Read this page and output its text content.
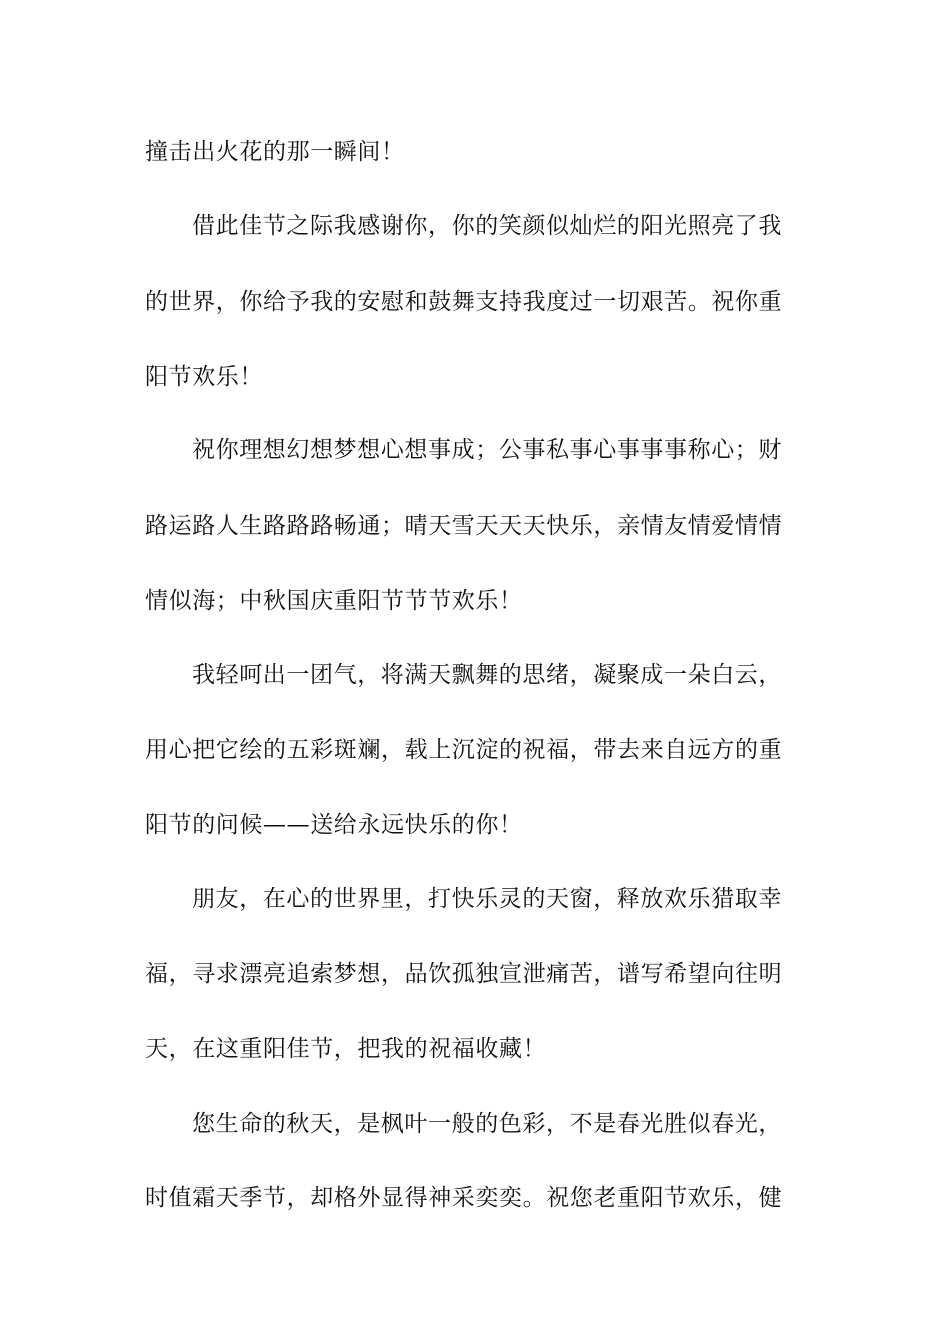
撞击出火花的那一瞬间！

借此佳节之际我感谢你，你的笑颜似灿烂的阳光照亮了我

的世界，你给予我的安慰和鼓舞支持我度过一切艰苦。祝你重

阳节欢乐！

祝你理想幻想梦想心想事成；公事私事心事事事称心；财

路运路人生路路路畅通；晴天雪天天天快乐，亲情友情爱情情

情似海；中秋国庆重阳节节节欢乐！

我轻呵出一团气，将满天飘舞的思绪，凝聚成一朵白云，

用心把它绘的五彩斑斓，载上沉淀的祝福，带去来自远方的重

阳节的问候——送给永远快乐的你！

朋友，在心的世界里，打快乐灵的天窗，释放欢乐猎取幸

福，寻求漂亮追索梦想，品饮孤独宣泄痛苦，谱写希望向往明

天，在这重阳佳节，把我的祝福收藏！

您生命的秋天，是枫叶一般的色彩，不是春光胜似春光，

时值霜天季节，却格外显得神采奕奕。祝您老重阳节欢乐，健
